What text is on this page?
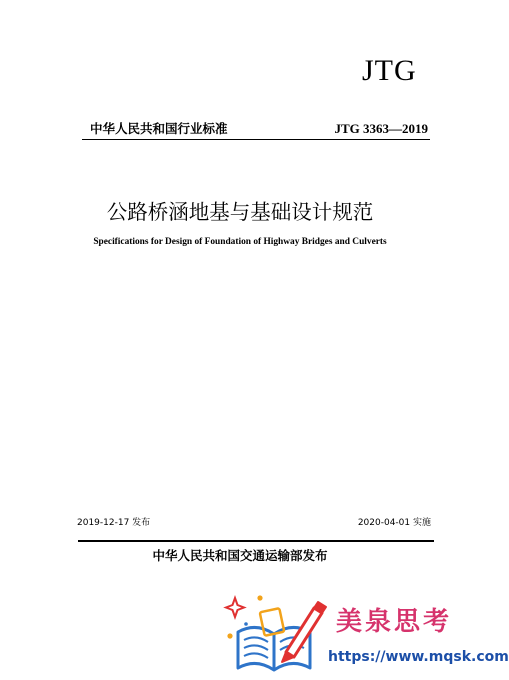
JTG
中华人民共和国行业标准	JTG 3363—2019
公路桥涵地基与基础设计规范
Specifications for Design of Foundation of Highway Bridges and Culverts
2019-12-17 发布	2020-04-01 实施
中华人民共和国交通运输部发布
美泉思考
https://www.mqsk.com
